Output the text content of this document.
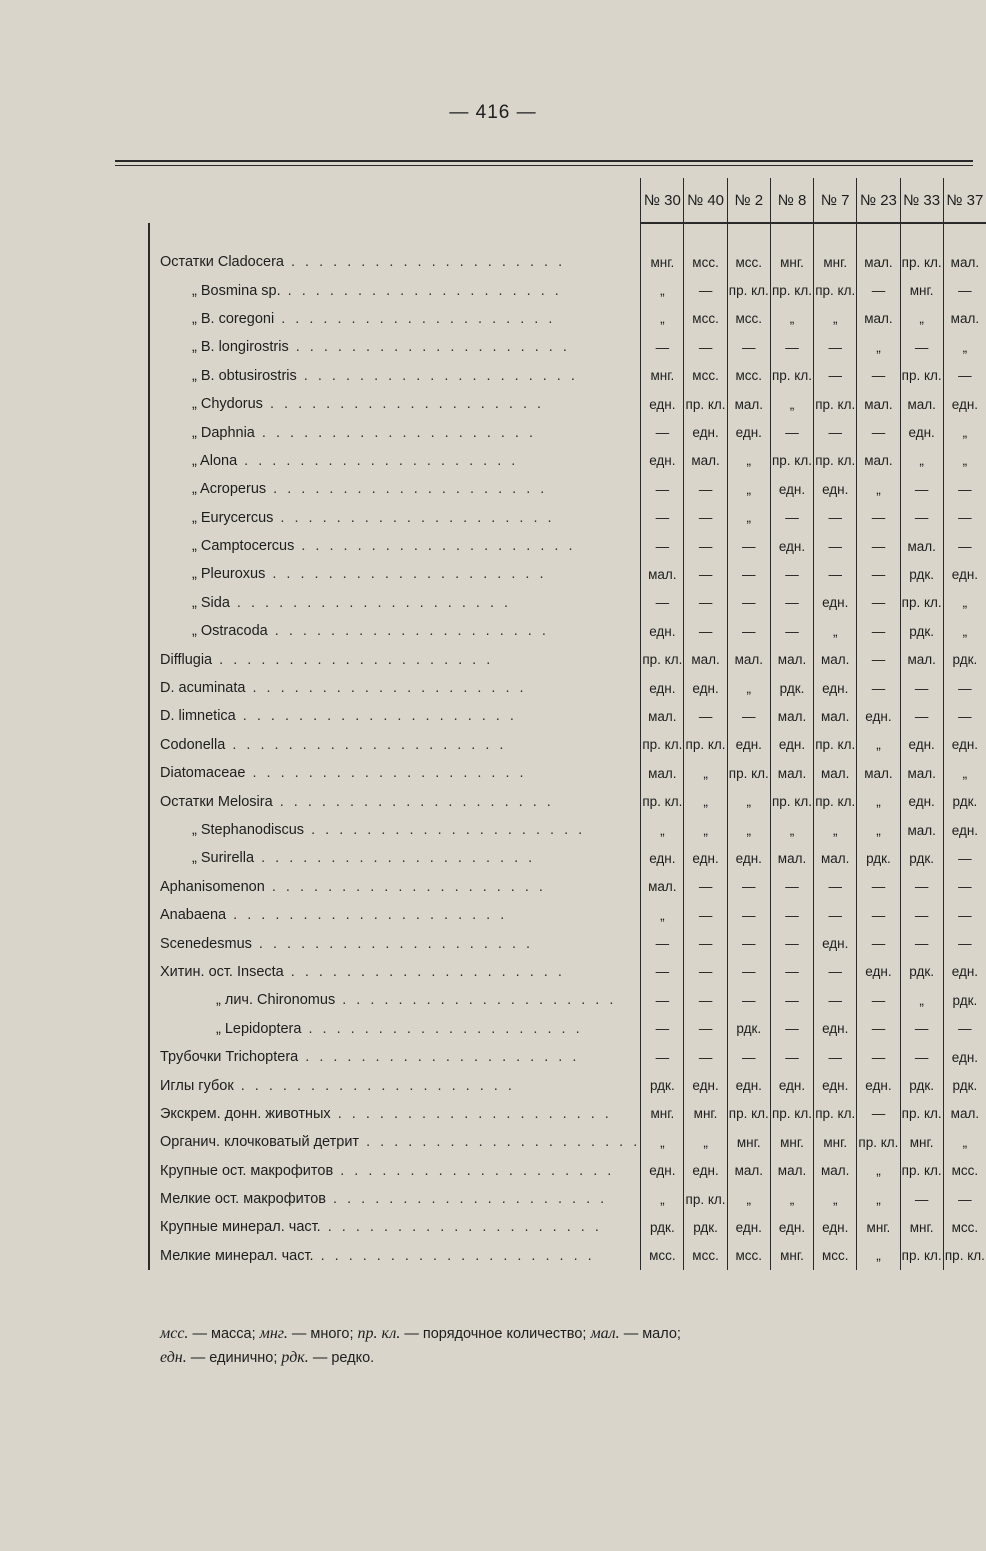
— 416 —
	№ 30	№ 40	№ 2	№ 8	№ 7	№ 23	№ 33	№ 37

Остатки Cladocera . . . . . . . . . . . . . . . . . . . .	мнг.	мсс.	мсс.	мнг.	мнг.	мал.	пр. кл.	мал.
„ Bosmina sp. . . . . . . . . . . . . . . . . . . . .	„	—	пр. кл.	пр. кл.	пр. кл.	—	мнг.	—
„ B. coregoni . . . . . . . . . . . . . . . . . . . .	„	мсс.	мсс.	„	„	мал.	„	мал.
„ B. longirostris . . . . . . . . . . . . . . . . . . . .	—	—	—	—	—	„	—	„
„ B. obtusirostris . . . . . . . . . . . . . . . . . . . .	мнг.	мсс.	мсс.	пр. кл.	—	—	пр. кл.	—
„ Chydorus . . . . . . . . . . . . . . . . . . . .	едн.	пр. кл.	мал.	„	пр. кл.	мал.	мал.	едн.
„ Daphnia . . . . . . . . . . . . . . . . . . . .	—	едн.	едн.	—	—	—	едн.	„
„ Alona . . . . . . . . . . . . . . . . . . . .	едн.	мал.	„	пр. кл.	пр. кл.	мал.	„	„
„ Acroperus . . . . . . . . . . . . . . . . . . . .	—	—	„	едн.	едн.	„	—	—
„ Eurycercus . . . . . . . . . . . . . . . . . . . .	—	—	„	—	—	—	—	—
„ Camptocercus . . . . . . . . . . . . . . . . . . . .	—	—	—	едн.	—	—	мал.	—
„ Pleuroxus . . . . . . . . . . . . . . . . . . . .	мал.	—	—	—	—	—	рдк.	едн.
„ Sida . . . . . . . . . . . . . . . . . . . .	—	—	—	—	едн.	—	пр. кл.	„
„ Ostracoda . . . . . . . . . . . . . . . . . . . .	едн.	—	—	—	„	—	рдк.	„
Difflugia . . . . . . . . . . . . . . . . . . . .	пр. кл.	мал.	мал.	мал.	мал.	—	мал.	рдк.
D. acuminata . . . . . . . . . . . . . . . . . . . .	едн.	едн.	„	рдк.	едн.	—	—	—
D. limnetica . . . . . . . . . . . . . . . . . . . .	мал.	—	—	мал.	мал.	едн.	—	—
Codonella . . . . . . . . . . . . . . . . . . . .	пр. кл.	пр. кл.	едн.	едн.	пр. кл.	„	едн.	едн.
Diatomaceae . . . . . . . . . . . . . . . . . . . .	мал.	„	пр. кл.	мал.	мал.	мал.	мал.	„
Остатки Melosira . . . . . . . . . . . . . . . . . . . .	пр. кл.	„	„	пр. кл.	пр. кл.	„	едн.	рдк.
„ Stephanodiscus . . . . . . . . . . . . . . . . . . . .	„	„	„	„	„	„	мал.	едн.
„ Surirella . . . . . . . . . . . . . . . . . . . .	едн.	едн.	едн.	мал.	мал.	рдк.	рдк.	—
Aphanisomenon . . . . . . . . . . . . . . . . . . . .	мал.	—	—	—	—	—	—	—
Anabaena . . . . . . . . . . . . . . . . . . . .	„	—	—	—	—	—	—	—
Scenedesmus . . . . . . . . . . . . . . . . . . . .	—	—	—	—	едн.	—	—	—
Хитин. ост. Insecta . . . . . . . . . . . . . . . . . . . .	—	—	—	—	—	едн.	рдк.	едн.
„ лич. Chironomus . . . . . . . . . . . . . . . . . . . .	—	—	—	—	—	—	„	рдк.
„ Lepidoptera . . . . . . . . . . . . . . . . . . . .	—	—	рдк.	—	едн.	—	—	—
Трубочки Trichoptera . . . . . . . . . . . . . . . . . . . .	—	—	—	—	—	—	—	едн.
Иглы губок . . . . . . . . . . . . . . . . . . . .	рдк.	едн.	едн.	едн.	едн.	едн.	рдк.	рдк.
Экскрем. донн. животных . . . . . . . . . . . . . . . . . . . .	мнг.	мнг.	пр. кл.	пр. кл.	пр. кл.	—	пр. кл.	мал.
Органич. клочковатый детрит . . . . . . . . . . . . . . . . . . . .	„	„	мнг.	мнг.	мнг.	пр. кл.	мнг.	„
Крупные ост. макрофитов . . . . . . . . . . . . . . . . . . . .	едн.	едн.	мал.	мал.	мал.	„	пр. кл.	мсс.
Мелкие ост. макрофитов . . . . . . . . . . . . . . . . . . . .	„	пр. кл.	„	„	„	„	—	—
Крупные минерал. част. . . . . . . . . . . . . . . . . . . . .	рдк.	рдк.	едн.	едн.	едн.	мнг.	мнг.	мсс.
Мелкие минерал. част. . . . . . . . . . . . . . . . . . . . .	мсс.	мсс.	мсс.	мнг.	мсс.	„	пр. кл.	пр. кл.
мсс. — масса; мнг. — много; пр. кл. — порядочное количество; мал. — мало;
едн. — единично; рдк. — редко.
